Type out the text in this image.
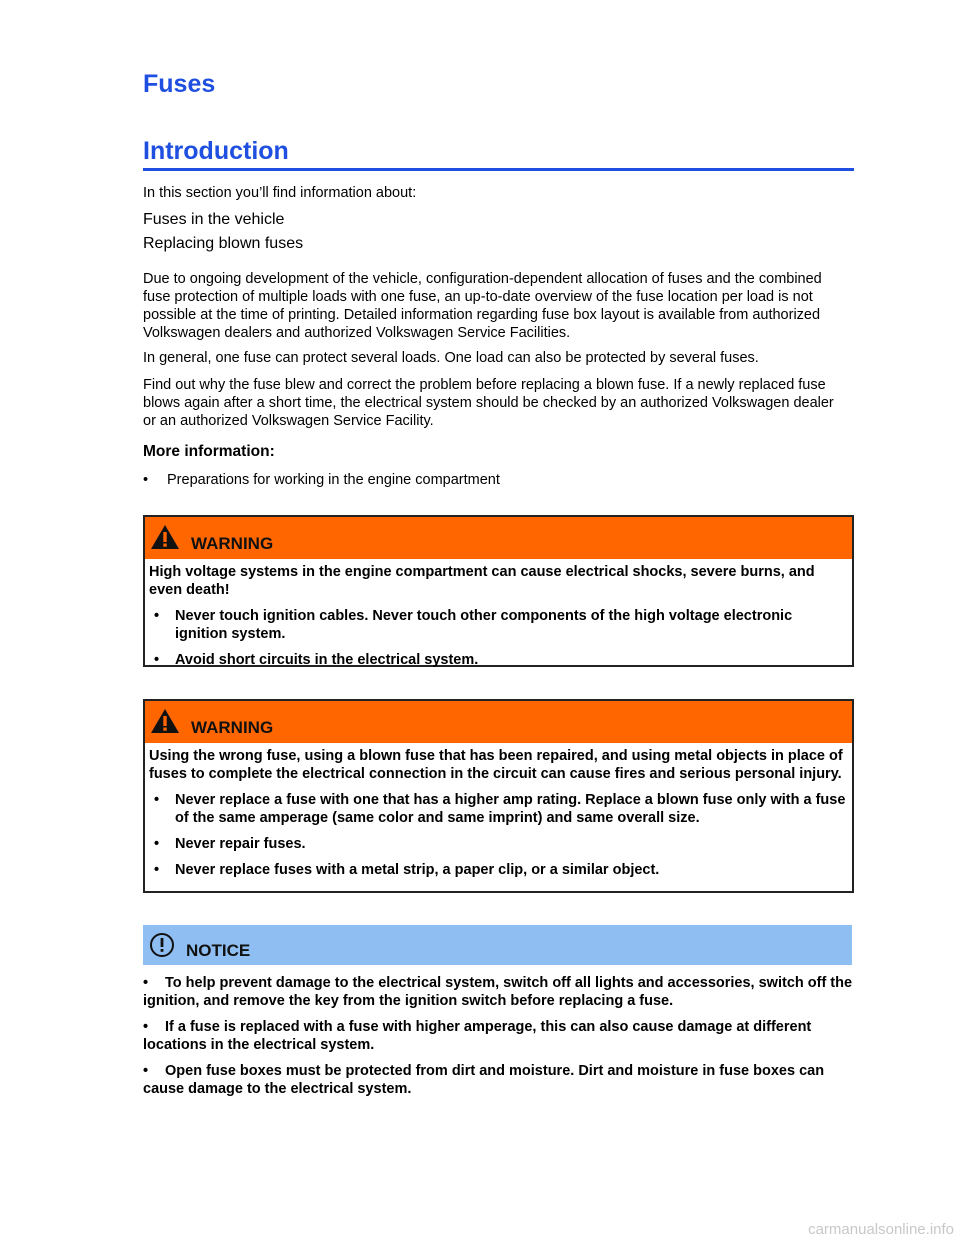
Fuses
Introduction
In this section you’ll find information about:
Fuses in the vehicle
Replacing blown fuses

Due to ongoing development of the vehicle, configuration-dependent allocation of fuses and the combined fuse protection of multiple loads with one fuse, an up-to-date overview of the fuse location per load is not possible at the time of printing. Detailed information regarding fuse box layout is available from authorized Volkswagen dealers and authorized Volkswagen Service Facilities.

In general, one fuse can protect several loads. One load can also be protected by several fuses.

Find out why the fuse blew and correct the problem before replacing a blown fuse. If a newly replaced fuse blows again after a short time, the electrical system should be checked by an authorized Volkswagen dealer or an authorized Volkswagen Service Facility.

More information:
• Preparations for working in the engine compartment
WARNING

High voltage systems in the engine compartment can cause electrical shocks, severe burns, and even death!

• Never touch ignition cables. Never touch other components of the high voltage electronic ignition system.

• Avoid short circuits in the electrical system.

WARNING

Using the wrong fuse, using a blown fuse that has been repaired, and using metal objects in place of fuses to complete the electrical connection in the circuit can cause fires and serious personal injury.

• Never replace a fuse with one that has a higher amp rating. Replace a blown fuse only with a fuse of the same amperage (same color and same imprint) and same overall size.

• Never repair fuses.

• Never replace fuses with a metal strip, a paper clip, or a similar object.

NOTICE
• To help prevent damage to the electrical system, switch off all lights and accessories, switch off the ignition, and remove the key from the ignition switch before replacing a fuse.
• If a fuse is replaced with a fuse with higher amperage, this can also cause damage at different locations in the electrical system.
• Open fuse boxes must be protected from dirt and moisture. Dirt and moisture in fuse boxes can cause damage to the electrical system.
carmanualsonline.info
